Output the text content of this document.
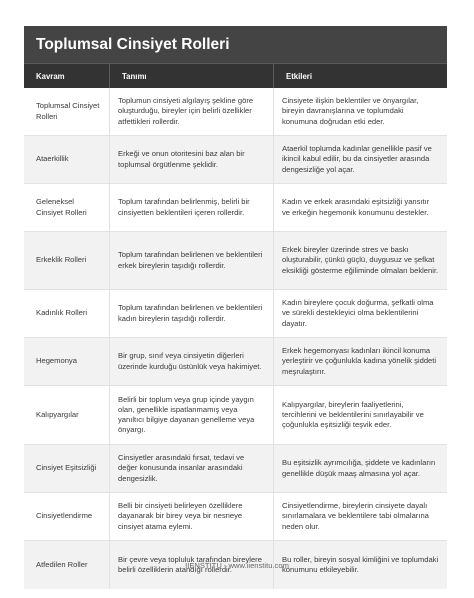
Toplumsal Cinsiyet Rolleri
Kavram	Tanımı	Etkileri
Toplumsal Cinsiyet Rolleri
Toplumun cinsiyeti algılayış şekline göre oluşturduğu, bireyler için belirli özellikler atfettikleri rollerdir.
Cinsiyete ilişkin beklentiler ve önyargılar, bireyin davranışlarına ve toplumdaki konumuna doğrudan etki eder.
Ataerkillik
Erkeği ve onun otoritesini baz alan bir toplumsal örgütlenme şeklidir.
Ataerkil toplumda kadınlar genellikle pasif ve ikincil kabul edilir, bu da cinsiyetler arasında dengesizliğe yol açar.
Geleneksel Cinsiyet Rolleri
Toplum tarafından belirlenmiş, belirli bir cinsiyetten beklentileri içeren rollerdir.
Kadın ve erkek arasındaki eşitsizliği yansıtır ve erkeğin hegemonik konumunu destekler.
Erkeklik Rolleri
Toplum tarafından belirlenen ve beklentileri erkek bireylerin taşıdığı rollerdir.
Erkek bireyler üzerinde stres ve baskı oluşturabilir, çünkü güçlü, duygusuz ve şefkat eksikliği gösterme eğiliminde olmaları beklenir.
Kadınlık Rolleri
Toplum tarafından belirlenen ve beklentileri kadın bireylerin taşıdığı rollerdir.
Kadın bireylere çocuk doğurma, şefkatli olma ve sürekli destekleyici olma beklentilerini dayatır.
Hegemonya
Bir grup, sınıf veya cinsiyetin diğerleri üzerinde kurduğu üstünlük veya hakimiyet.
Erkek hegemonyası kadınları ikincil konuma yerleştirir ve çoğunlukla kadına yönelik şiddeti meşrulaştırır.
Kalıpyargılar
Belirli bir toplum veya grup içinde yaygın olan, genellikle ispatlanmamış veya yanıltıcı bilgiye dayanan genelleme veya önyargı.
Kalıpyargılar, bireylerin faaliyetlerini, tercihlerini ve beklentilerini sınırlayabilir ve çoğunlukla eşitsizliği teşvik eder.
Cinsiyet Eşitsizliği
Cinsiyetler arasındaki fırsat, tedavi ve değer konusunda insanlar arasındaki dengesizlik.
Bu eşitsizlik ayrımcılığa, şiddete ve kadınların genellikle düşük maaş almasına yol açar.
Cinsiyetlendirme
Belli bir cinsiyeti belirleyen özelliklere dayanarak bir birey veya bir nesneye cinsiyet atama eylemi.
Cinsiyetlendirme, bireylerin cinsiyete dayalı sınırlamalara ve beklentilere tabi olmalarına neden olur.
Atfedilen Roller
Bir çevre veya topluluk tarafından bireylere belirli özelliklerin atandığı rollerdir.
Bu roller, bireyin sosyal kimliğini ve toplumdaki konumunu etkileyebilir.
IIENSTITU - www.iienstitu.com
